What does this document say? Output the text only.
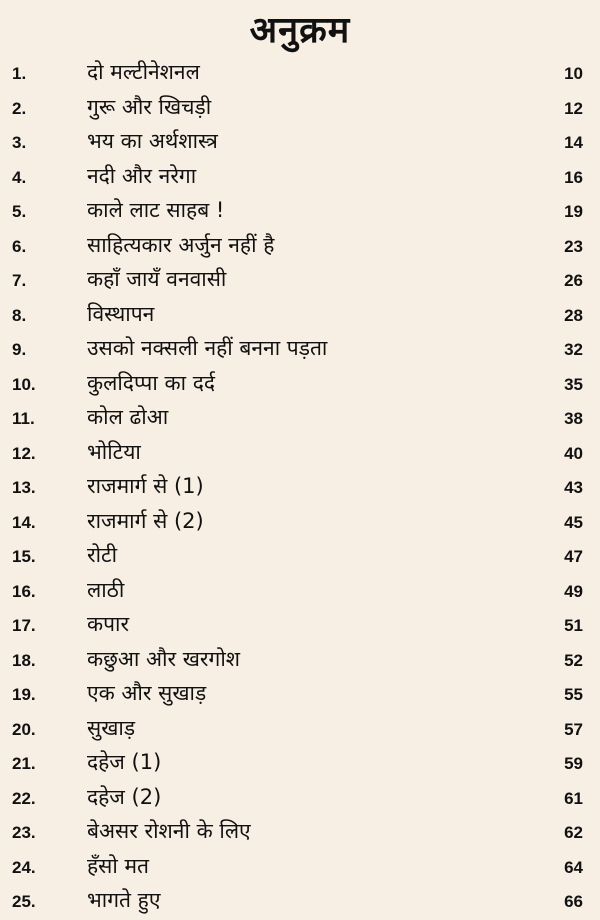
अनुक्रम
1.	दो मल्टीनेशनल	10
2.	गुरू और खिचड़ी	12
3.	भय का अर्थशास्त्र	14
4.	नदी और नरेगा	16
5.	काले लाट साहब !	19
6.	साहित्यकार अर्जुन नहीं है	23
7.	कहाँ जायँ वनवासी	26
8.	विस्थापन	28
9.	उसको नक्सली नहीं बनना पड़ता	32
10. कुलदिप्पा का दर्द	35
11. कोल ढोआ	38
12. भोटिया	40
13. राजमार्ग से (1)	43
14. राजमार्ग से (2)	45
15. रोटी	47
16. लाठी	49
17. कपार	51
18. कछुआ और खरगोश	52
19. एक और सुखाड़	55
20. सुखाड़	57
21. दहेज (1)	59
22. दहेज (2)	61
23. बेअसर रोशनी के लिए	62
24. हँसो मत	64
25. भागते हुए	66
